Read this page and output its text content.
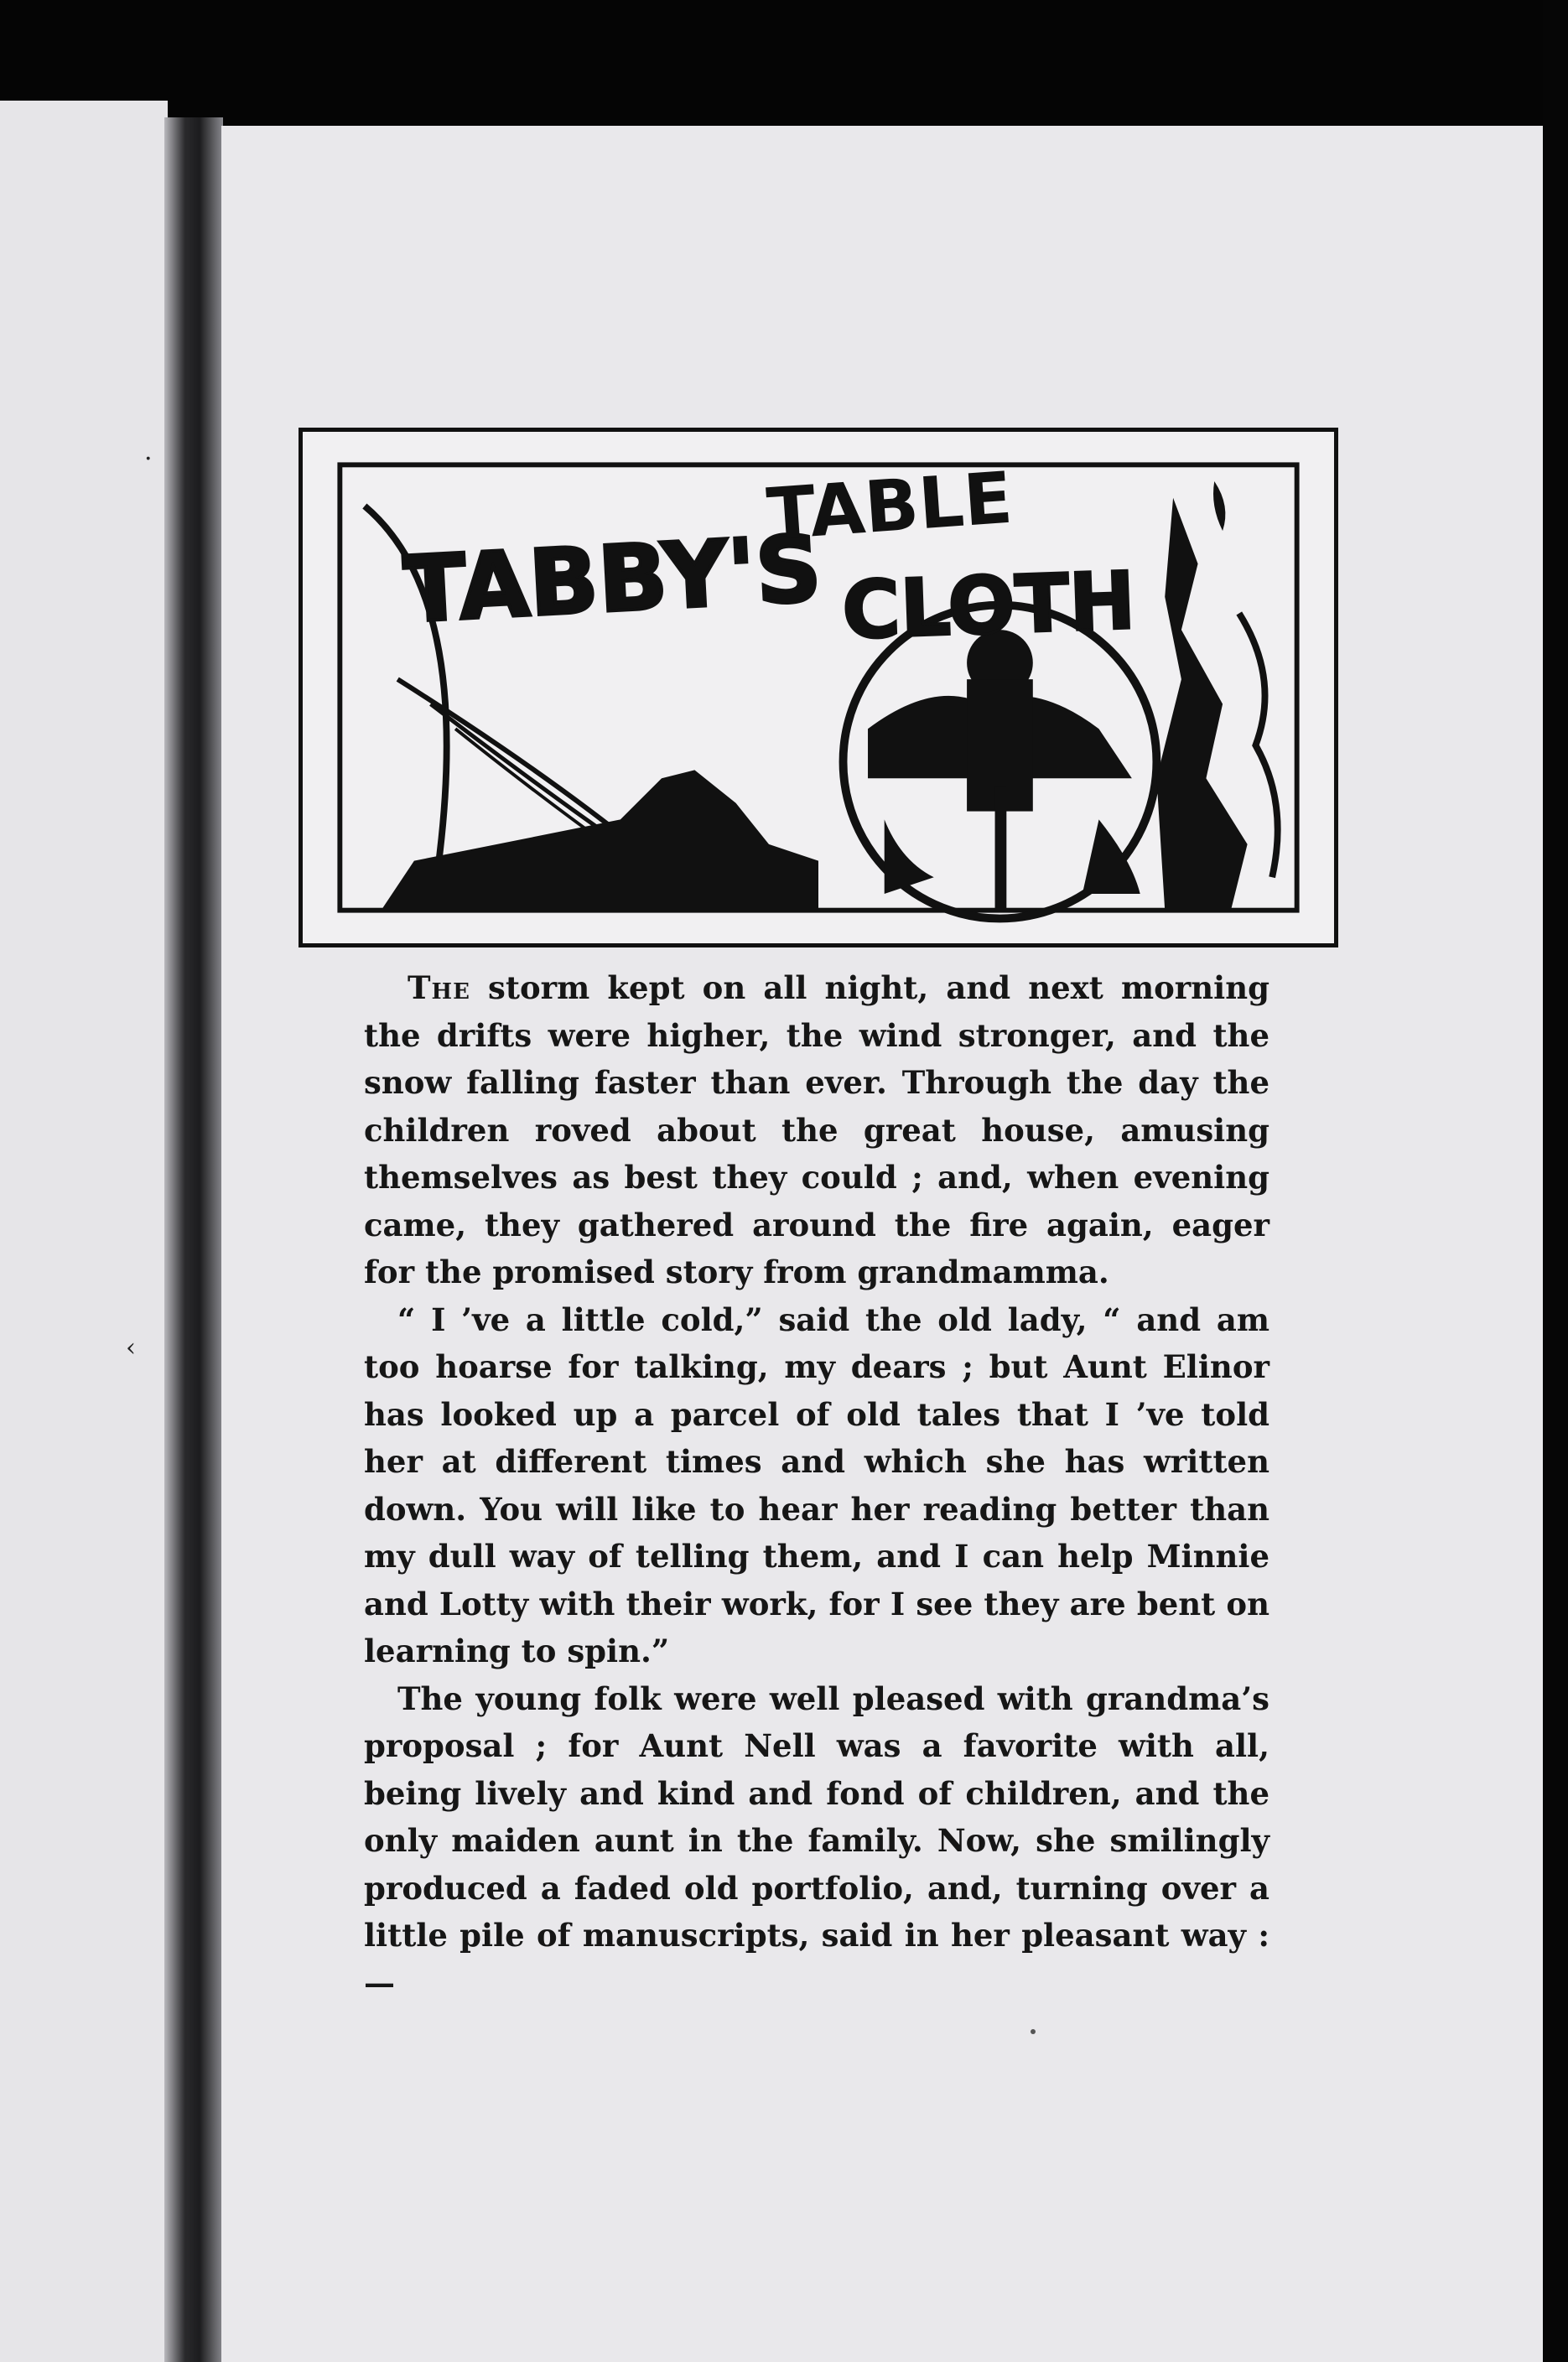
·
‹
TABBY'S
TABLE
CLOTH

The storm kept on all night, and next morning the drifts were higher, the wind stronger, and the snow falling faster than ever. Through the day the children roved about the great house, amusing themselves as best they could ; and, when evening came, they gathered around the fire again, eager for the promised story from grandmamma.

“ I ’ve a little cold,” said the old lady, “ and am too hoarse for talking, my dears ; but Aunt Elinor has looked up a parcel of old tales that I ’ve told her at different times and which she has written down. You will like to hear her reading better than my dull way of telling them, and I can help Minnie and Lotty with their work, for I see they are bent on learning to spin.”

The young folk were well pleased with grandma’s proposal ; for Aunt Nell was a favorite with all, being lively and kind and fond of children, and the only maiden aunt in the family. Now, she smilingly produced a faded old portfolio, and, turning over a little pile of manuscripts, said in her pleasant way : —
